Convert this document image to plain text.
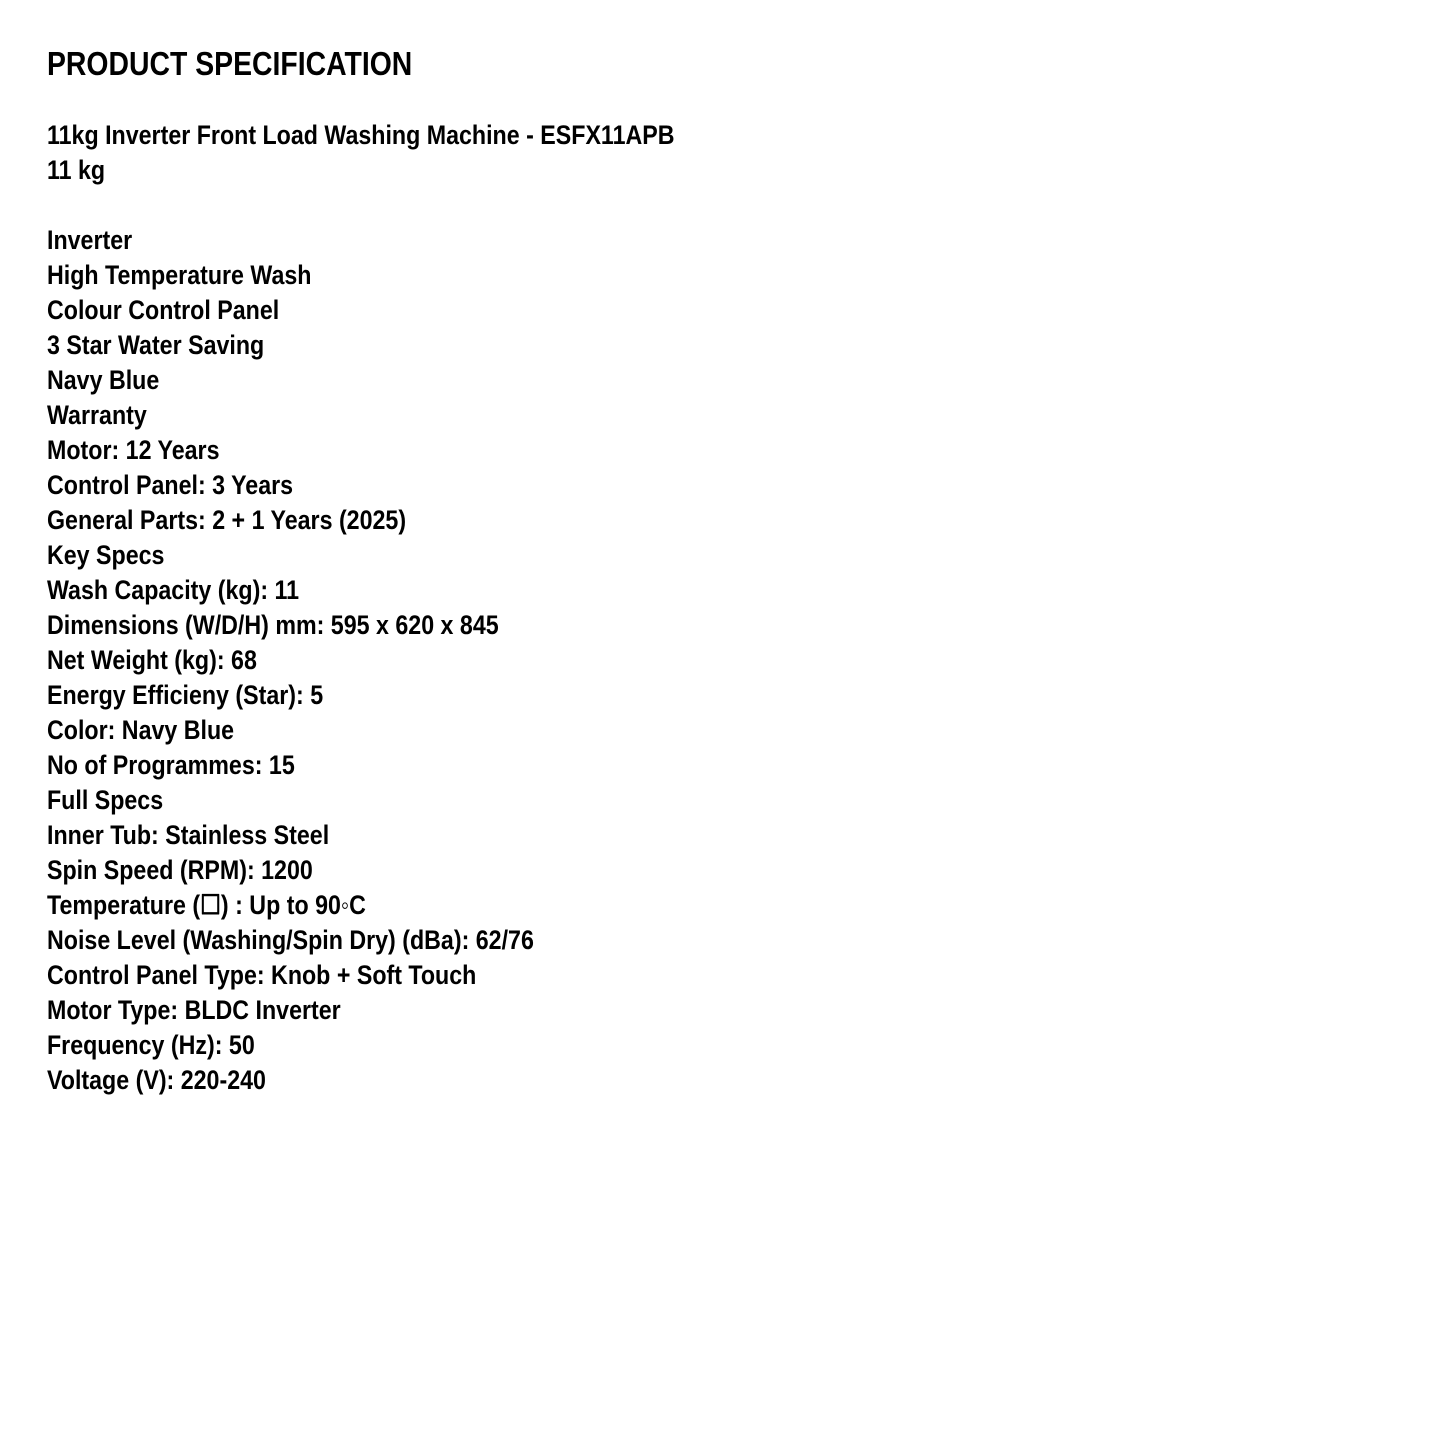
PRODUCT SPECIFICATION
11kg Inverter Front Load Washing Machine - ESFX11APB
11 kg
Inverter
High Temperature Wash
Colour Control Panel
3 Star Water Saving
Navy Blue
Warranty
Motor: 12 Years
Control Panel: 3 Years
General Parts: 2 + 1 Years (2025)
Key Specs
Wash Capacity (kg): 11
Dimensions (W/D/H) mm: 595 x 620 x 845
Net Weight (kg): 68
Energy Efficieny (Star): 5
Color: Navy Blue
No of Programmes: 15
Full Specs
Inner Tub: Stainless Steel
Spin Speed (RPM): 1200
Temperature (☐) : Up to 90◦C
Noise Level (Washing/Spin Dry) (dBa): 62/76
Control Panel Type: Knob + Soft Touch
Motor Type: BLDC Inverter
Frequency (Hz): 50
Voltage (V): 220-240
